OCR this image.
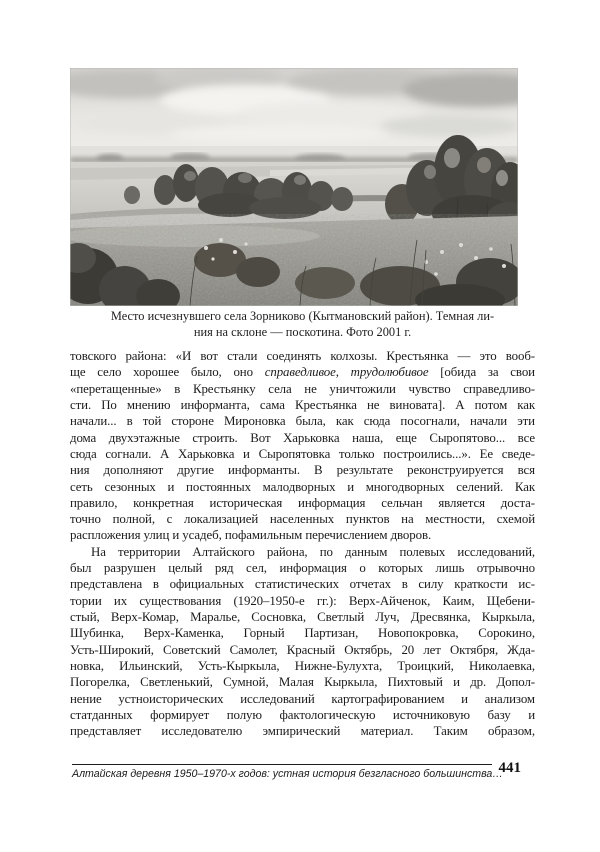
Место исчезнувшего села Зорниково (Кытмановский район). Темная ли-
ния на склоне — поскотина. Фото 2001 г.
товского района: «И вот стали соединять колхозы. Крестьянка — это вооб-
ще село хорошее было, оно справедливое, трудолюбивое [обида за свои
«перетащенные» в Крестьянку села не уничтожили чувство справедливо-
сти. По мнению информанта, сама Крестьянка не виновата]. А потом как
начали... в той стороне Мироновка была, как сюда посогнали, начали эти
дома двухэтажные строить. Вот Харьковка наша, еще Сыропятово... все
сюда согнали. А Харьковка и Сыропятовка только построились...». Ее сведе-
ния дополняют другие информанты. В результате реконструируется вся
сеть сезонных и постоянных малодворных и многодворных селений. Как
правило, конкретная историческая информация сельчан является доста-
точно полной, с локализацией населенных пунктов на местности, схемой
распложения улиц и усадеб, пофамильным перечислением дворов.
На территории Алтайского района, по данным полевых исследований,
был разрушен целый ряд сел, информация о которых лишь отрывочно
представлена в официальных статистических отчетах в силу краткости ис-
тории их существования (1920–1950-е гг.): Верх-Айченок, Каим, Щебени-
стый, Верх-Комар, Маралье, Сосновка, Светлый Луч, Дресвянка, Кыркыла,
Шубинка, Верх-Каменка, Горный Партизан, Новопокровка, Сорокино,
Усть-Широкий, Советский Самолет, Красный Октябрь, 20 лет Октября, Жда-
новка, Ильинский, Усть-Кыркыла, Нижне-Булухта, Троицкий, Николаевка,
Погорелка, Светленький, Сумной, Малая Кыркыла, Пихтовый и др. Допол-
нение устноисторических исследований картографированием и анализом
статданных формирует полую фактологическую источниковую базу и
представляет исследователю эмпирический материал. Таким образом,
Алтайская деревня 1950–1970-х годов: устная история безгласного большинства…
441
